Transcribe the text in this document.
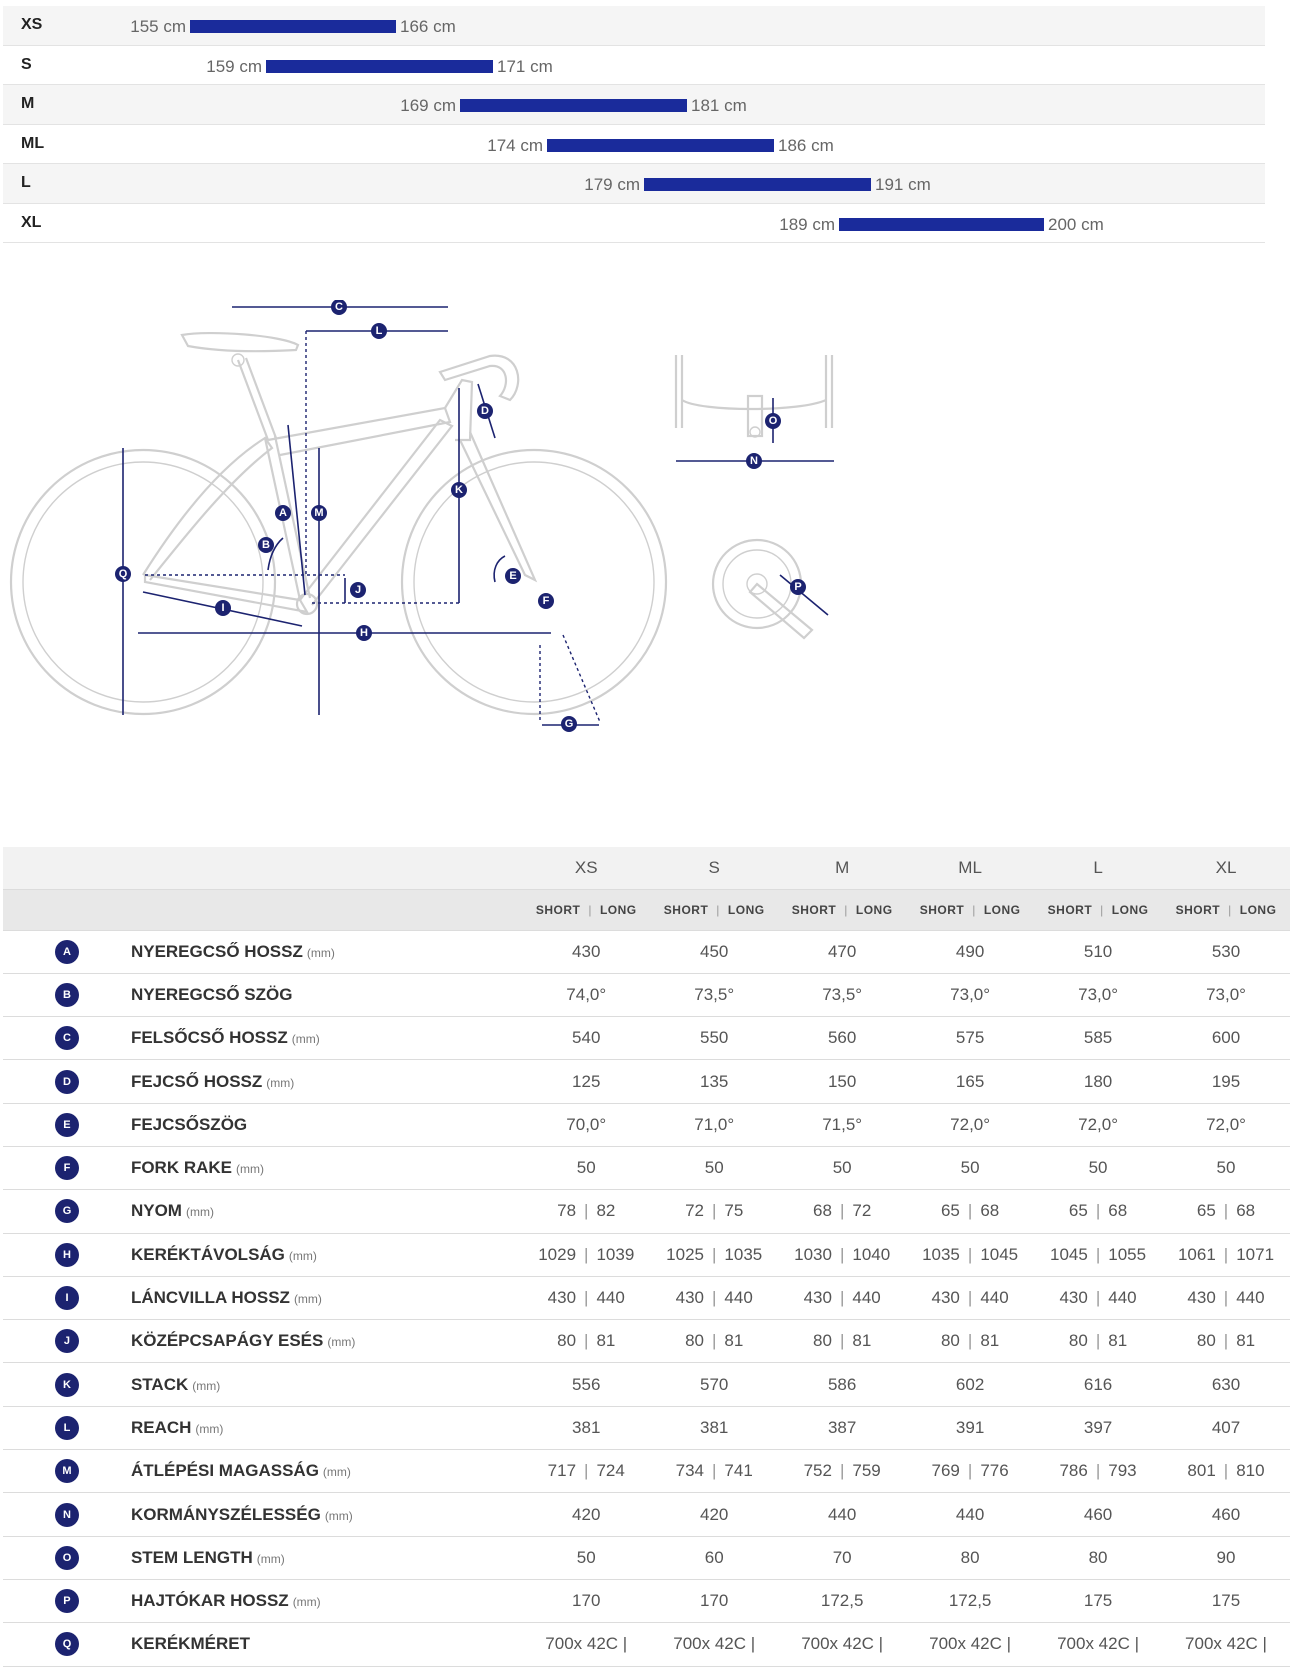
XS	155 cm	166 cm
S	159 cm	171 cm
M	169 cm	181 cm
ML	174 cm	186 cm
L	179 cm	191 cm
XL	189 cm	200 cm
A
B
C
D
E
F
G
H
I
J
K
L
M
N
O
P
Q
		XS	S	M	ML	L	XL
		SHORT | LONG	SHORT | LONG	SHORT | LONG	SHORT | LONG	SHORT | LONG	SHORT | LONG
A	NYEREGCSŐ HOSSZ (mm)	430	450	470	490	510	530
B	NYEREGCSŐ SZÖG	74,0°	73,5°	73,5°	73,0°	73,0°	73,0°
C	FELSŐCSŐ HOSSZ (mm)	540	550	560	575	585	600
D	FEJCSŐ HOSSZ (mm)	125	135	150	165	180	195
E	FEJCSŐSZÖG	70,0°	71,0°	71,5°	72,0°	72,0°	72,0°
F	FORK RAKE (mm)	50	50	50	50	50	50
G	NYOM (mm)	78 | 82	72 | 75	68 | 72	65 | 68	65 | 68	65 | 68
H	KERÉKTÁVOLSÁG (mm)	1029 | 1039	1025 | 1035	1030 | 1040	1035 | 1045	1045 | 1055	1061 | 1071
I	LÁNCVILLA HOSSZ (mm)	430 | 440	430 | 440	430 | 440	430 | 440	430 | 440	430 | 440
J	KÖZÉPCSAPÁGY ESÉS (mm)	80 | 81	80 | 81	80 | 81	80 | 81	80 | 81	80 | 81
K	STACK (mm)	556	570	586	602	616	630
L	REACH (mm)	381	381	387	391	397	407
M	ÁTLÉPÉSI MAGASSÁG (mm)	717 | 724	734 | 741	752 | 759	769 | 776	786 | 793	801 | 810
N	KORMÁNYSZÉLESSÉG (mm)	420	420	440	440	460	460
O	STEM LENGTH (mm)	50	60	70	80	80	90
P	HAJTÓKAR HOSSZ (mm)	170	170	172,5	172,5	175	175
Q	KERÉKMÉRET	700x 42C |	700x 42C |	700x 42C |	700x 42C |	700x 42C |	700x 42C |
